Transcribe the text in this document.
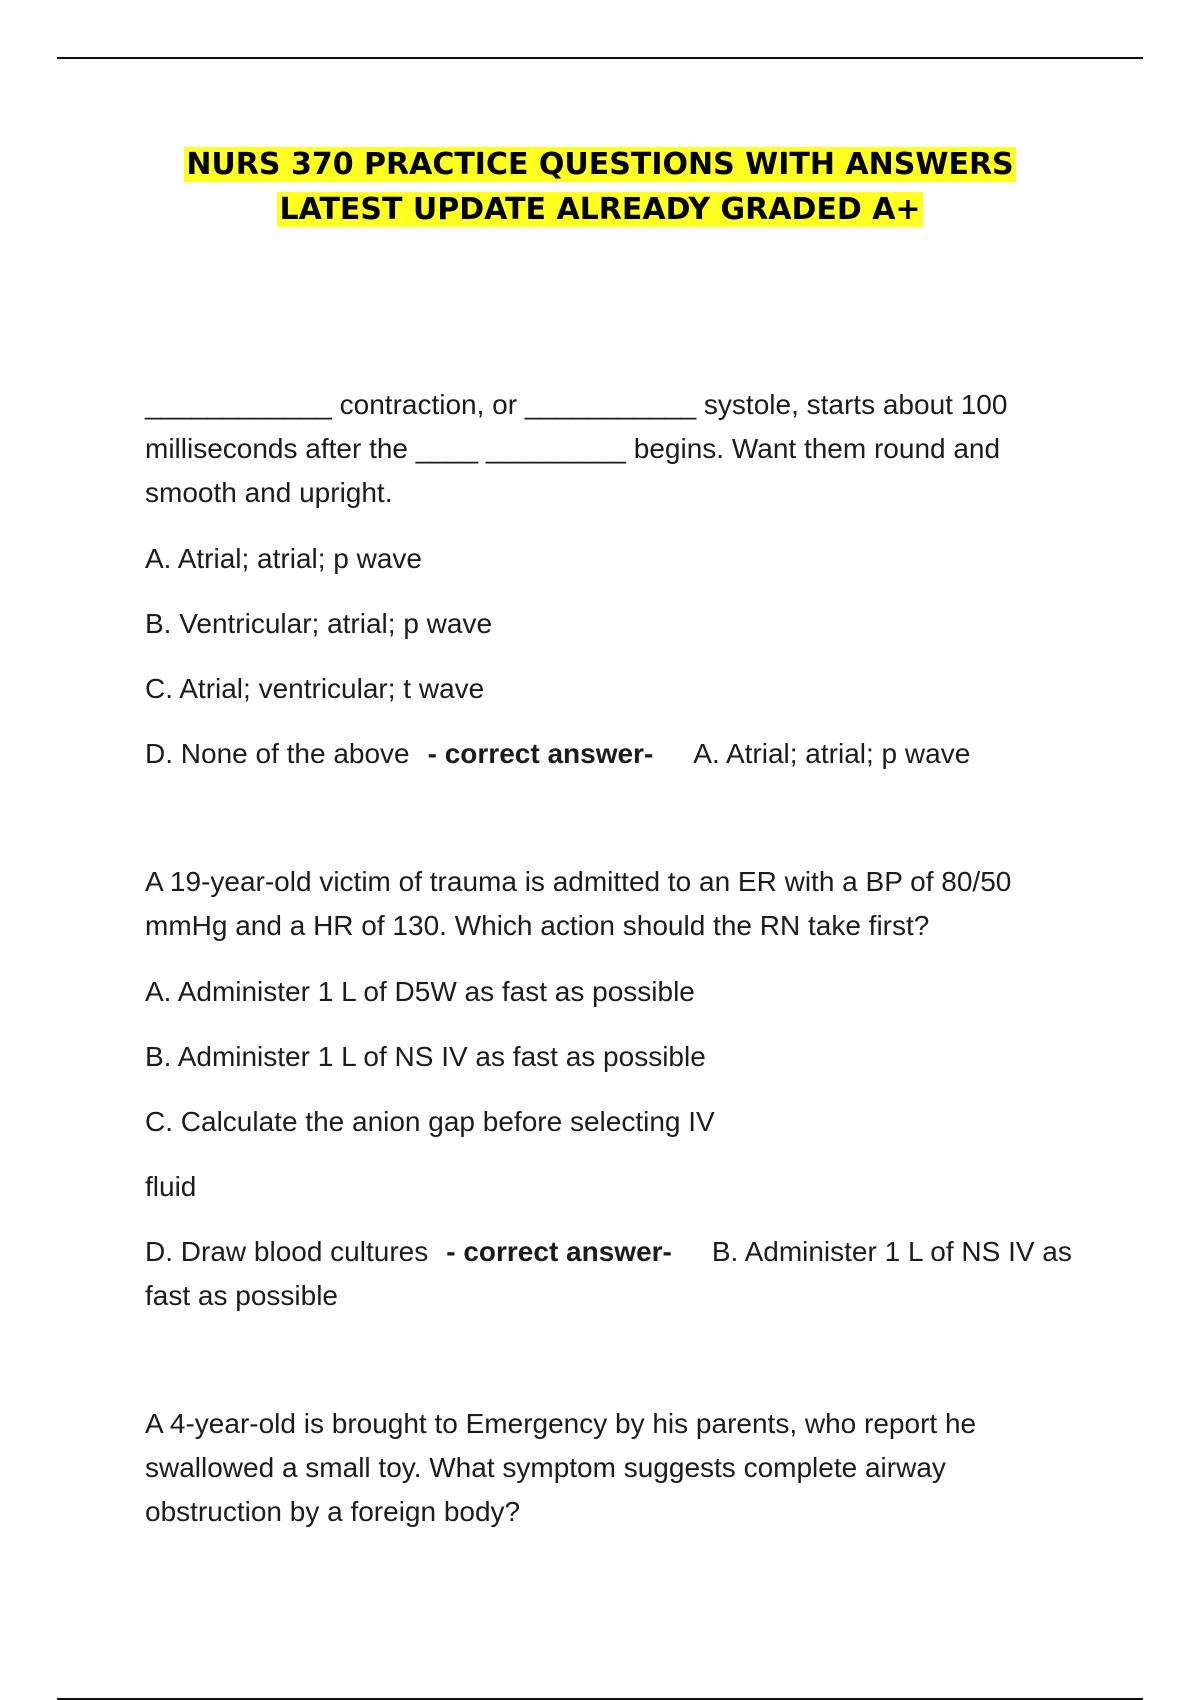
NURS 370 PRACTICE QUESTIONS WITH ANSWERS
LATEST UPDATE ALREADY GRADED A+

____________ contraction, or ___________ systole, starts about 100 milliseconds after the ____ _________ begins. Want them round and smooth and upright.

A. Atrial; atrial; p wave

B. Ventricular; atrial; p wave

C. Atrial; ventricular; t wave

D. None of the above - correct answer- A. Atrial; atrial; p wave

A 19-year-old victim of trauma is admitted to an ER with a BP of 80/50 mmHg and a HR of 130. Which action should the RN take first?

A. Administer 1 L of D5W as fast as possible

B. Administer 1 L of NS IV as fast as possible

C. Calculate the anion gap before selecting IV

fluid

D. Draw blood cultures - correct answer- B. Administer 1 L of NS IV as fast as possible

A 4-year-old is brought to Emergency by his parents, who report he swallowed a small toy. What symptom suggests complete airway obstruction by a foreign body?
